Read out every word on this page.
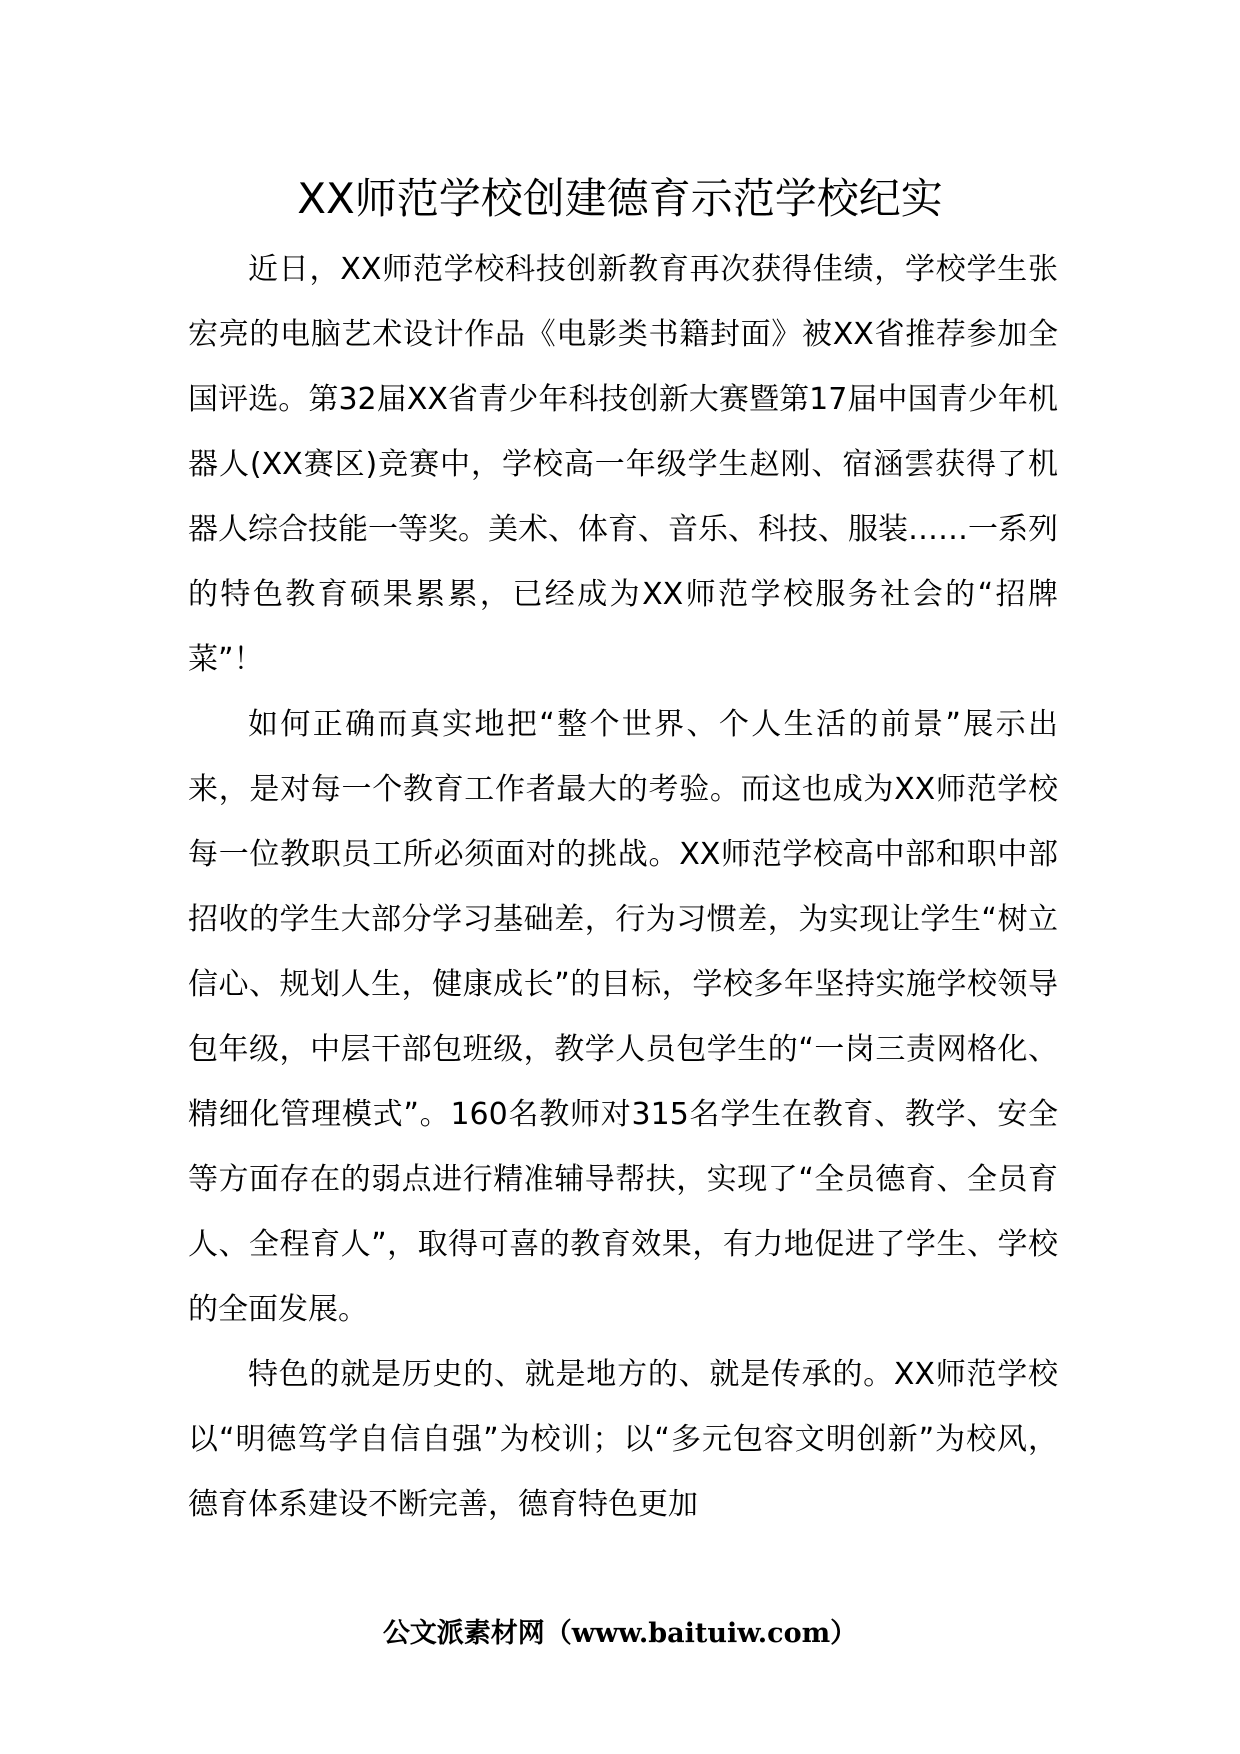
XX师范学校创建德育示范学校纪实

近日，XX师范学校科技创新教育再次获得佳绩，学校学生张宏亮的电脑艺术设计作品《电影类书籍封面》被XX省推荐参加全国评选。第32届XX省青少年科技创新大赛暨第17届中国青少年机器人(XX赛区)竞赛中，学校高一年级学生赵刚、宿涵雲获得了机器人综合技能一等奖。美术、体育、音乐、科技、服装……一系列的特色教育硕果累累，已经成为XX师范学校服务社会的“招牌菜”！

如何正确而真实地把“整个世界、个人生活的前景”展示出来，是对每一个教育工作者最大的考验。而这也成为XX师范学校每一位教职员工所必须面对的挑战。XX师范学校高中部和职中部招收的学生大部分学习基础差，行为习惯差，为实现让学生“树立信心、规划人生，健康成长”的目标，学校多年坚持实施学校领导包年级，中层干部包班级，教学人员包学生的“一岗三责网格化、精细化管理模式”。160名教师对315名学生在教育、教学、安全等方面存在的弱点进行精准辅导帮扶，实现了“全员德育、全员育人、全程育人”，取得可喜的教育效果，有力地促进了学生、学校的全面发展。

特色的就是历史的、就是地方的、就是传承的。XX师范学校以“明德笃学自信自强”为校训；以“多元包容文明创新”为校风，德育体系建设不断完善，德育特色更加

公文派素材网（www.baituiw.com）
